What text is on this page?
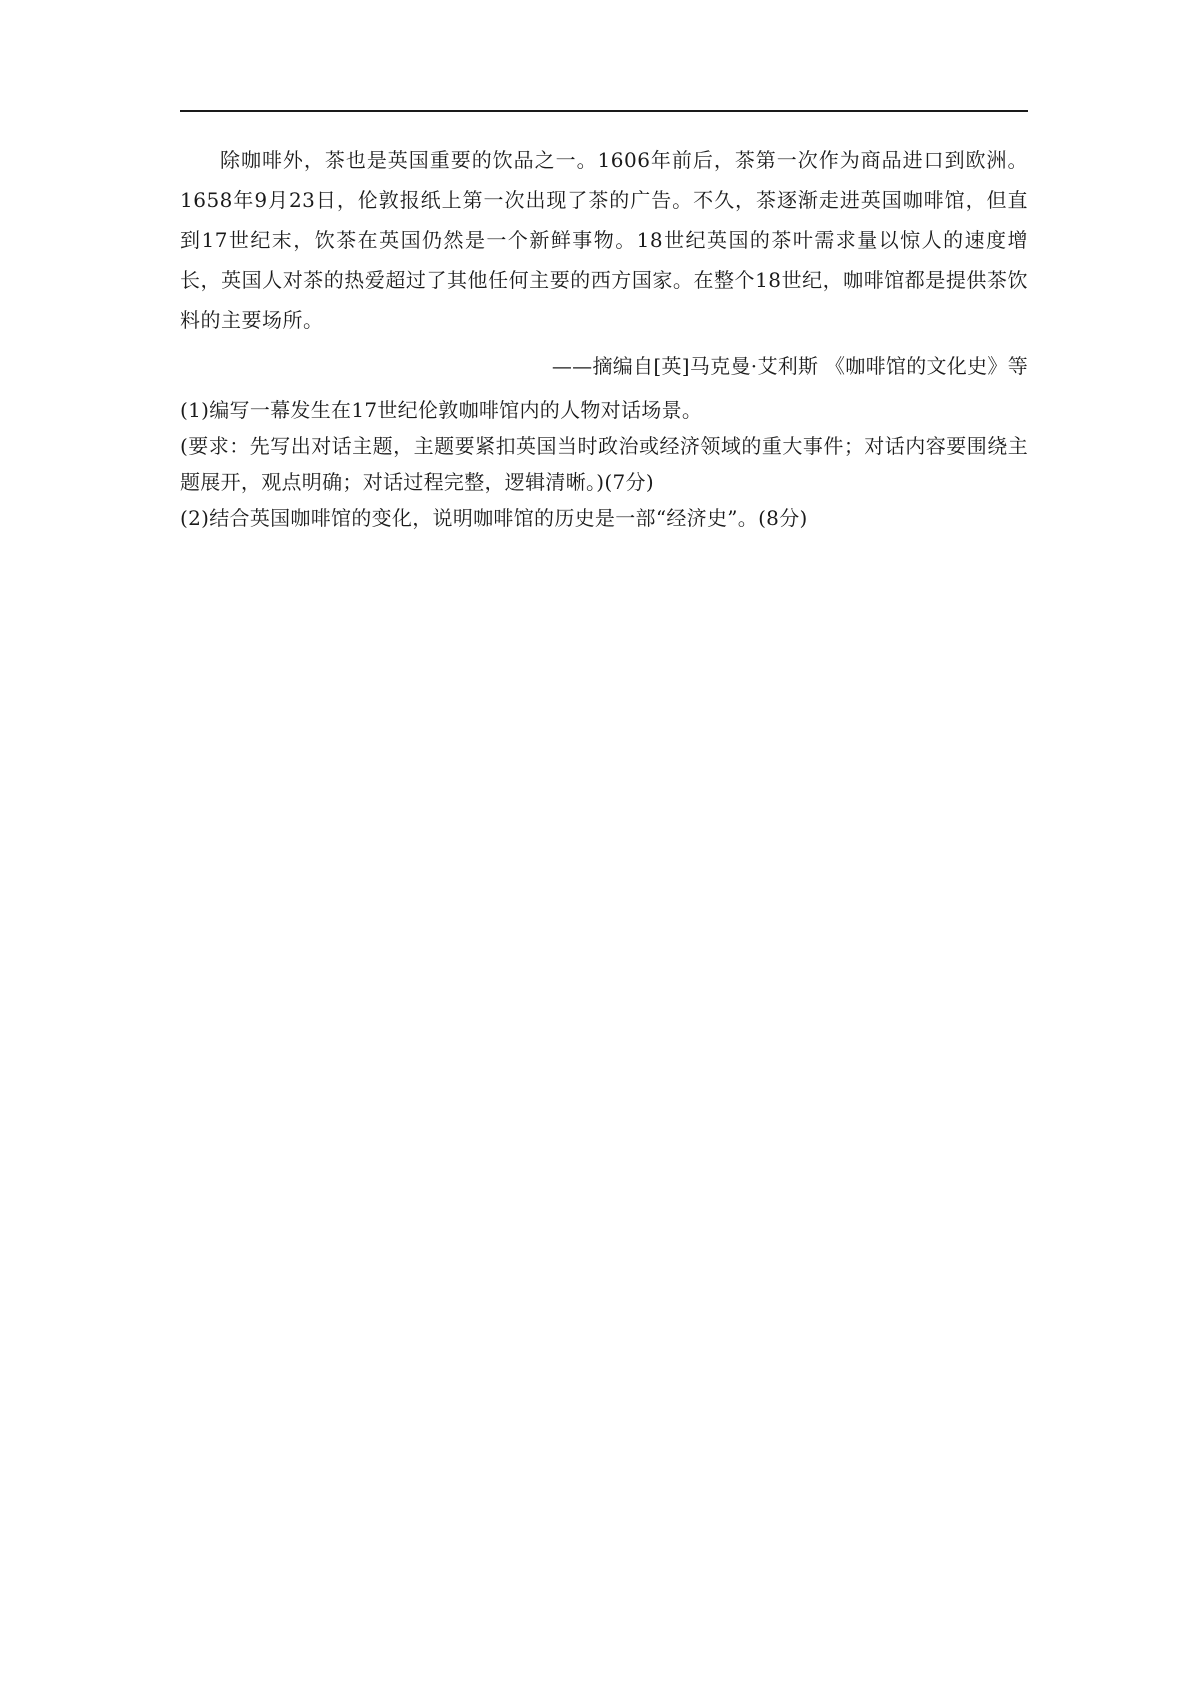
除咖啡外，茶也是英国重要的饮品之一。1606年前后，茶第一次作为商品进口到欧洲。1658年9月23日，伦敦报纸上第一次出现了茶的广告。不久，茶逐渐走进英国咖啡馆，但直到17世纪末，饮茶在英国仍然是一个新鲜事物。18世纪英国的茶叶需求量以惊人的速度增长，英国人对茶的热爱超过了其他任何主要的西方国家。在整个18世纪，咖啡馆都是提供茶饮料的主要场所。

——摘编自[英]马克曼·艾利斯 《咖啡馆的文化史》等

(1)编写一幕发生在17世纪伦敦咖啡馆内的人物对话场景。

(要求：先写出对话主题，主题要紧扣英国当时政治或经济领域的重大事件；对话内容要围绕主题展开，观点明确；对话过程完整，逻辑清晰。)(7分)

(2)结合英国咖啡馆的变化，说明咖啡馆的历史是一部“经济史”。(8分)
